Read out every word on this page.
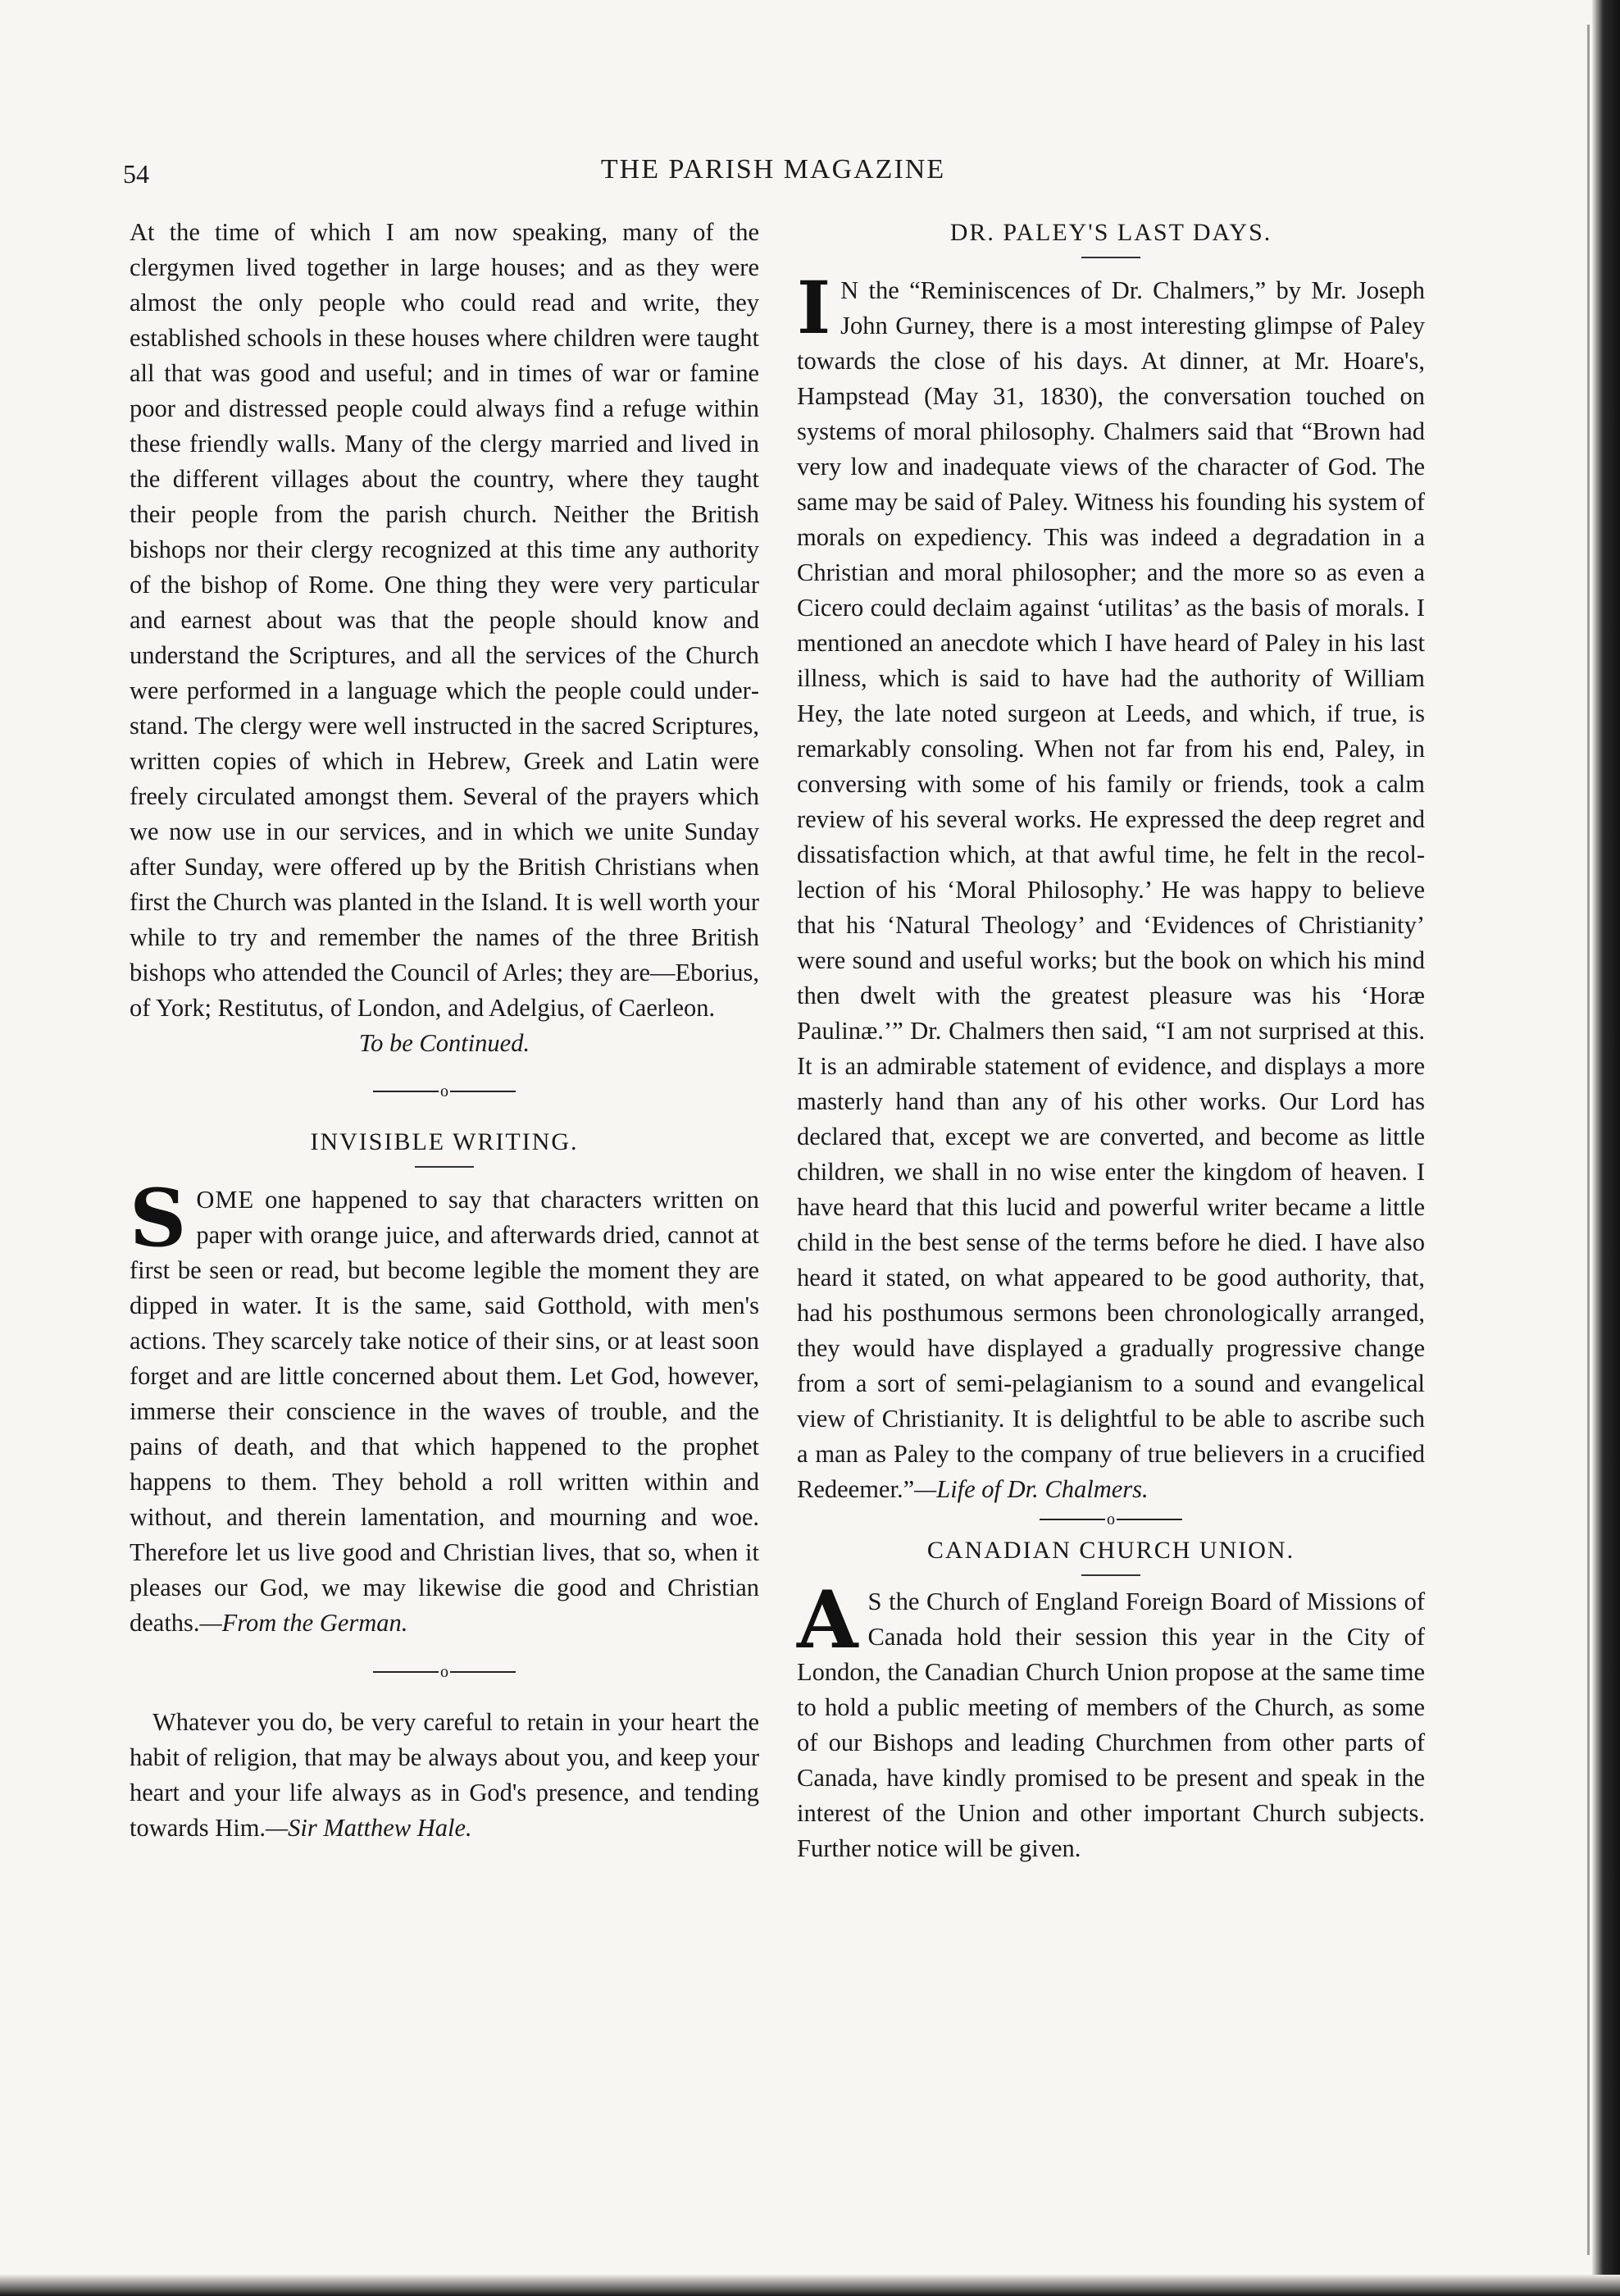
54	THE PARISH MAGAZINE

At the time of which I am now speaking, many of the clergymen lived together in large houses; and as they were almost the only people who could read and write, they established schools in these houses where children were taught all that was good and useful; and in times of war or famine poor and distressed people could always find a refuge within these friendly walls. Many of the clergy married and lived in the different villages about the country, where they taught their people from the parish church. Neither the British bishops nor their clergy recognized at this time any authority of the bishop of Rome. One thing they were very particular and earnest about was that the people should know and understand the Scriptures, and all the services of the Church were performed in a language which the people could understand. The clergy were well instructed in the sacred Scriptures, written copies of which in Hebrew, Greek and Latin were freely circulated amongst them. Several of the prayers which we now use in our services, and in which we unite Sunday after Sunday, were offered up by the British Christians when first the Church was planted in the Island. It is well worth your while to try and remember the names of the three British bishops who attended the Council of Arles; they are—Eborius, of York; Restitutus, of London, and Adelgius, of Caerleon.

To be Continued.

o

INVISIBLE WRITING.

SOME one happened to say that characters written on paper with orange juice, and afterwards dried, cannot at first be seen or read, but become legible the moment they are dipped in water. It is the same, said Gotthold, with men's actions. They scarcely take notice of their sins, or at least soon forget and are little concerned about them. Let God, however, immerse their conscience in the waves of trouble, and the pains of death, and that which happened to the prophet happens to them. They behold a roll written within and without, and therein lamentation, and mourning and woe. Therefore let us live good and Christian lives, that so, when it pleases our God, we may likewise die good and Christian deaths.—From the German.

o

Whatever you do, be very careful to retain in your heart the habit of religion, that may be always about you, and keep your heart and your life always as in God's presence, and tending towards Him.—Sir Matthew Hale.

DR. PALEY'S LAST DAYS.

I N the “Reminiscences of Dr. Chalmers,” by Mr. Joseph John Gurney, there is a most interesting glimpse of Paley towards the close of his days. At dinner, at Mr. Hoare's, Hampstead (May 31, 1830), the conversation touched on systems of moral philosophy. Chalmers said that “Brown had very low and inadequate views of the character of God. The same may be said of Paley. Witness his founding his system of morals on expediency. This was indeed a degradation in a Christian and moral philosopher; and the more so as even a Cicero could declaim against ‘utilitas’ as the basis of morals. I mentioned an anecdote which I have heard of Paley in his last illness, which is said to have had the authority of William Hey, the late noted surgeon at Leeds, and which, if true, is remarkably consoling. When not far from his end, Paley, in conversing with some of his family or friends, took a calm review of his several works. He expressed the deep regret and dissatisfaction which, at that awful time, he felt in the recollection of his ‘Moral Philosophy.’ He was happy to believe that his ‘Natural Theology’ and ‘Evidences of Christianity’ were sound and useful works; but the book on which his mind then dwelt with the greatest pleasure was his ‘Horæ Paulinæ.’” Dr. Chalmers then said, “I am not surprised at this. It is an admirable statement of evidence, and displays a more masterly hand than any of his other works. Our Lord has declared that, except we are converted, and become as little children, we shall in no wise enter the kingdom of heaven. I have heard that this lucid and powerful writer became a little child in the best sense of the terms before he died. I have also heard it stated, on what appeared to be good authority, that, had his posthumous sermons been chronologically arranged, they would have displayed a gradually progressive change from a sort of semi-pelagianism to a sound and evangelical view of Christianity. It is delightful to be able to ascribe such a man as Paley to the company of true believers in a crucified Redeemer.”—Life of Dr. Chalmers.

o

CANADIAN CHURCH UNION.

A S the Church of England Foreign Board of Missions of Canada hold their session this year in the City of London, the Canadian Church Union propose at the same time to hold a public meeting of members of the Church, as some of our Bishops and leading Churchmen from other parts of Canada, have kindly promised to be present and speak in the interest of the Union and other important Church subjects. Further notice will be given.
